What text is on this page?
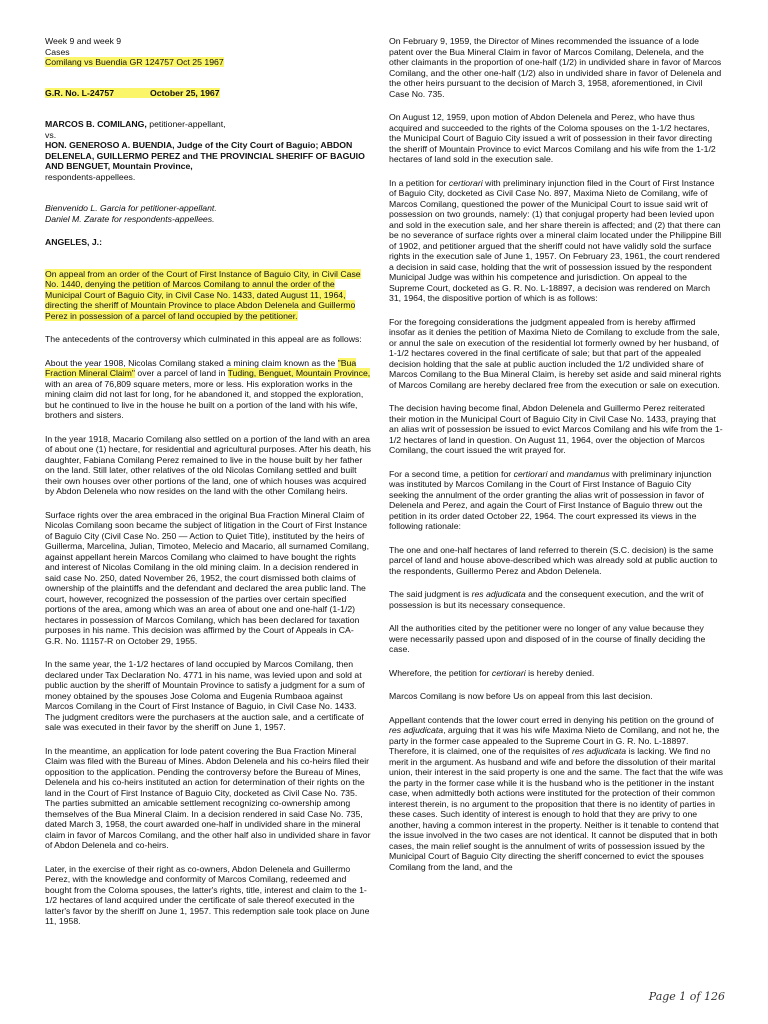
Week 9 and week 9
Cases
Comilang vs Buendia GR 124757 Oct 25 1967

G.R. No. L-24757	October 25, 1967

MARCOS B. COMILANG, petitioner-appellant,
vs.
HON. GENEROSO A. BUENDIA, Judge of the City Court of Baguio; ABDON DELENELA, GUILLERMO PEREZ and THE PROVINCIAL SHERIFF OF BAGUIO AND BENGUET, Mountain Province,
respondents-appellees.

Bienvenido L. Garcia for petitioner-appellant.
Daniel M. Zarate for respondents-appellees.

ANGELES, J.:

On appeal from an order of the Court of First Instance of Baguio City, in Civil Case No. 1440, denying the petition of Marcos Comilang to annul the order of the Municipal Court of Baguio City, in Civil Case No. 1433, dated August 11, 1964, directing the sheriff of Mountain Province to place Abdon Delenela and Guillermo Perez in possession of a parcel of land occupied by the petitioner.

The antecedents of the controversy which culminated in this appeal are as follows:

About the year 1908, Nicolas Comilang staked a mining claim known as the "Bua Fraction Mineral Claim" over a parcel of land in Tuding, Benguet, Mountain Province, with an area of 76,809 square meters, more or less. His exploration works in the mining claim did not last for long, for he abandoned it, and stopped the exploration, but he continued to live in the house he built on a portion of the land with his wife, brothers and sisters.

In the year 1918, Macario Comilang also settled on a portion of the land with an area of about one (1) hectare, for residential and agricultural purposes. After his death, his daughter, Fabiana Comilang Perez remained to live in the house built by her father on the land. Still later, other relatives of the old Nicolas Comilang settled and built their own houses over other portions of the land, one of which houses was acquired by Abdon Delenela who now resides on the land with the other Comilang heirs.

Surface rights over the area embraced in the original Bua Fraction Mineral Claim of Nicolas Comilang soon became the subject of litigation in the Court of First Instance of Baguio City (Civil Case No. 250 — Action to Quiet Title), instituted by the heirs of Guillerma, Marcelina, Julian, Timoteo, Melecio and Macario, all surnamed Comilang, against appellant herein Marcos Comilang who claimed to have bought the rights and interest of Nicolas Comilang in the old mining claim. In a decision rendered in said case No. 250, dated November 26, 1952, the court dismissed both claims of ownership of the plaintiffs and the defendant and declared the area public land. The court, however, recognized the possession of the parties over certain specified portions of the area, among which was an area of about one and one-half (1-1/2) hectares in possession of Marcos Comilang, which has been declared for taxation purposes in his name. This decision was affirmed by the Court of Appeals in CA-G.R. No. 11157-R on October 29, 1955.

In the same year, the 1-1/2 hectares of land occupied by Marcos Comilang, then declared under Tax Declaration No. 4771 in his name, was levied upon and sold at public auction by the sheriff of Mountain Province to satisfy a judgment for a sum of money obtained by the spouses Jose Coloma and Eugenia Rumbaoa against Marcos Comilang in the Court of First Instance of Baguio, in Civil Case No. 1433. The judgment creditors were the purchasers at the auction sale, and a certificate of sale was executed in their favor by the sheriff on June 1, 1957.

In the meantime, an application for lode patent covering the Bua Fraction Mineral Claim was filed with the Bureau of Mines. Abdon Delenela and his co-heirs filed their opposition to the application. Pending the controversy before the Bureau of Mines, Delenela and his co-heirs instituted an action for determination of their rights on the land in the Court of First Instance of Baguio City, docketed as Civil Case No. 735. The parties submitted an amicable settlement recognizing co-ownership among themselves of the Bua Mineral Claim. In a decision rendered in said Case No. 735, dated March 3, 1958, the court awarded one-half in undivided share in the mineral claim in favor of Marcos Comilang, and the other half also in undivided share in favor of Abdon Delenela and co-heirs.

Later, in the exercise of their right as co-owners, Abdon Delenela and Guillermo Perez, with the knowledge and conformity of Marcos Comilang, redeemed and bought from the Coloma spouses, the latter's rights, title, interest and claim to the 1-1/2 hectares of land acquired under the certificate of sale thereof executed in the latter's favor by the sheriff on June 1, 1957. This redemption sale took place on June 11, 1958.

On February 9, 1959, the Director of Mines recommended the issuance of a lode patent over the Bua Mineral Claim in favor of Marcos Comilang, Delenela, and the other claimants in the proportion of one-half (1/2) in undivided share in favor of Marcos Comilang, and the other one-half (1/2) also in undivided share in favor of Delenela and the other heirs pursuant to the decision of March 3, 1958, aforementioned, in Civil Case No. 735.

On August 12, 1959, upon motion of Abdon Delenela and Perez, who have thus acquired and succeeded to the rights of the Coloma spouses on the 1-1/2 hectares, the Municipal Court of Baguio City issued a writ of possession in their favor directing the sheriff of Mountain Province to evict Marcos Comilang and his wife from the 1-1/2 hectares of land sold in the execution sale.

In a petition for certiorari with preliminary injunction filed in the Court of First Instance of Baguio City, docketed as Civil Case No. 897, Maxima Nieto de Comilang, wife of Marcos Comilang, questioned the power of the Municipal Court to issue said writ of possession on two grounds, namely: (1) that conjugal property had been levied upon and sold in the execution sale, and her share therein is affected; and (2) that there can be no severance of surface rights over a mineral claim located under the Philippine Bill of 1902, and petitioner argued that the sheriff could not have validly sold the surface rights in the execution sale of June 1, 1957. On February 23, 1961, the court rendered a decision in said case, holding that the writ of possession issued by the respondent Municipal Judge was within his competence and jurisdiction. On appeal to the Supreme Court, docketed as G. R. No. L-18897, a decision was rendered on March 31, 1964, the dispositive portion of which is as follows:

For the foregoing considerations the judgment appealed from is hereby affirmed insofar as it denies the petition of Maxima Nieto de Comilang to exclude from the sale, or annul the sale on execution of the residential lot formerly owned by her husband, of 1-1/2 hectares covered in the final certificate of sale; but that part of the appealed decision holding that the sale at public auction included the 1/2 undivided share of Marcos Comilang to the Bua Mineral Claim, is hereby set aside and said mineral rights of Marcos Comilang are hereby declared free from the execution or sale on execution.

The decision having become final, Abdon Delenela and Guillermo Perez reiterated their motion in the Municipal Court of Baguio City in Civil Case No. 1433, praying that an alias writ of possession be issued to evict Marcos Comilang and his wife from the 1-1/2 hectares of land in question. On August 11, 1964, over the objection of Marcos Comilang, the court issued the writ prayed for.

For a second time, a petition for certiorari and mandamus with preliminary injunction was instituted by Marcos Comilang in the Court of First Instance of Baguio City seeking the annulment of the order granting the alias writ of possession in favor of Delenela and Perez, and again the Court of First Instance of Baguio threw out the petition in its order dated October 22, 1964. The court expressed its views in the following rationale:

The one and one-half hectares of land referred to therein (S.C. decision) is the same parcel of land and house above-described which was already sold at public auction to the respondents, Guillermo Perez and Abdon Delenela.

The said judgment is res adjudicata and the consequent execution, and the writ of possession is but its necessary consequence.

All the authorities cited by the petitioner were no longer of any value because they were necessarily passed upon and disposed of in the course of finally deciding the case.

Wherefore, the petition for certiorari is hereby denied.

Marcos Comilang is now before Us on appeal from this last decision.

Appellant contends that the lower court erred in denying his petition on the ground of res adjudicata, arguing that it was his wife Maxima Nieto de Comilang, and not he, the party in the former case appealed to the Supreme Court in G. R. No. L-18897. Therefore, it is claimed, one of the requisites of res adjudicata is lacking. We find no merit in the argument. As husband and wife and before the dissolution of their marital union, their interest in the said property is one and the same. The fact that the wife was the party in the former case while it is the husband who is the petitioner in the instant case, when admittedly both actions were instituted for the protection of their common interest therein, is no argument to the proposition that there is no identity of parties in these cases. Such identity of interest is enough to hold that they are privy to one another, having a common interest in the property. Neither is it tenable to contend that the issue involved in the two cases are not identical. It cannot be disputed that in both cases, the main relief sought is the annulment of writs of possession issued by the Municipal Court of Baguio City directing the sheriff concerned to evict the spouses Comilang from the land, and the

Page 1 of 126
